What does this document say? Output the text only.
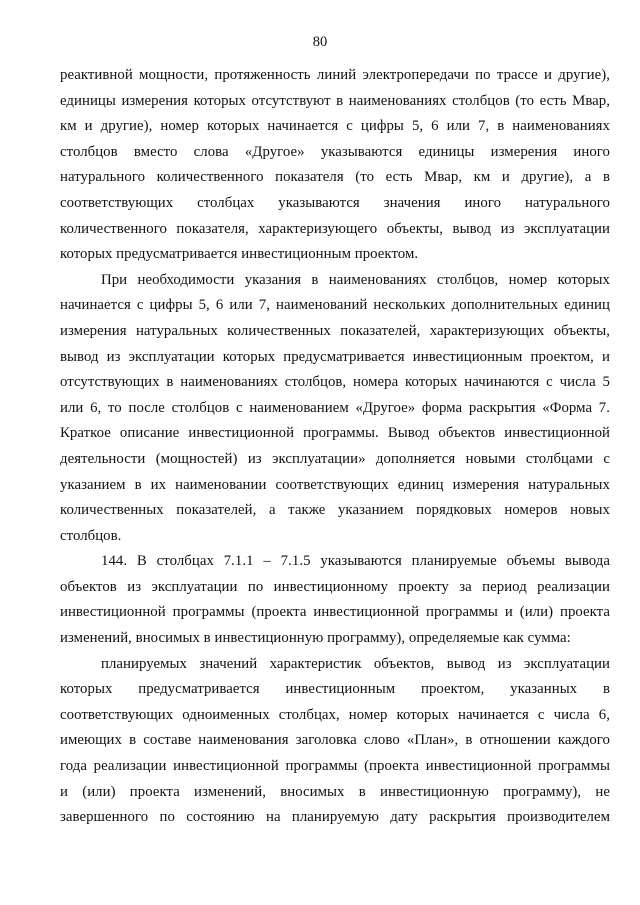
80
реактивной мощности, протяженность линий электропередачи по трассе и другие),
единицы измерения которых отсутствуют в наименованиях столбцов (то есть Мвар,
км и другие), номер которых начинается с цифры 5, 6 или 7, в наименованиях
столбцов вместо слова «Другое» указываются единицы измерения иного
натурального количественного показателя (то есть Мвар, км и другие), а в
соответствующих столбцах указываются значения иного натурального
количественного показателя, характеризующего объекты, вывод из эксплуатации
которых предусматривается инвестиционным проектом.
При необходимости указания в наименованиях столбцов, номер которых
начинается с цифры 5, 6 или 7, наименований нескольких дополнительных единиц
измерения натуральных количественных показателей, характеризующих объекты,
вывод из эксплуатации которых предусматривается инвестиционным проектом, и
отсутствующих в наименованиях столбцов, номера которых начинаются с числа 5
или 6, то после столбцов с наименованием «Другое» форма раскрытия «Форма 7.
Краткое описание инвестиционной программы. Вывод объектов инвестиционной
деятельности (мощностей) из эксплуатации» дополняется новыми столбцами с
указанием в их наименовании соответствующих единиц измерения натуральных
количественных показателей, а также указанием порядковых номеров новых
столбцов.
144. В столбцах 7.1.1 – 7.1.5 указываются планируемые объемы вывода
объектов из эксплуатации по инвестиционному проекту за период реализации
инвестиционной программы (проекта инвестиционной программы и (или) проекта
изменений, вносимых в инвестиционную программу), определяемые как сумма:
планируемых значений характеристик объектов, вывод из эксплуатации
которых предусматривается инвестиционным проектом, указанных в
соответствующих одноименных столбцах, номер которых начинается с числа 6,
имеющих в составе наименования заголовка слово «План», в отношении каждого
года реализации инвестиционной программы (проекта инвестиционной программы
и (или) проекта изменений, вносимых в инвестиционную программу), не
завершенного по состоянию на планируемую дату раскрытия производителем
